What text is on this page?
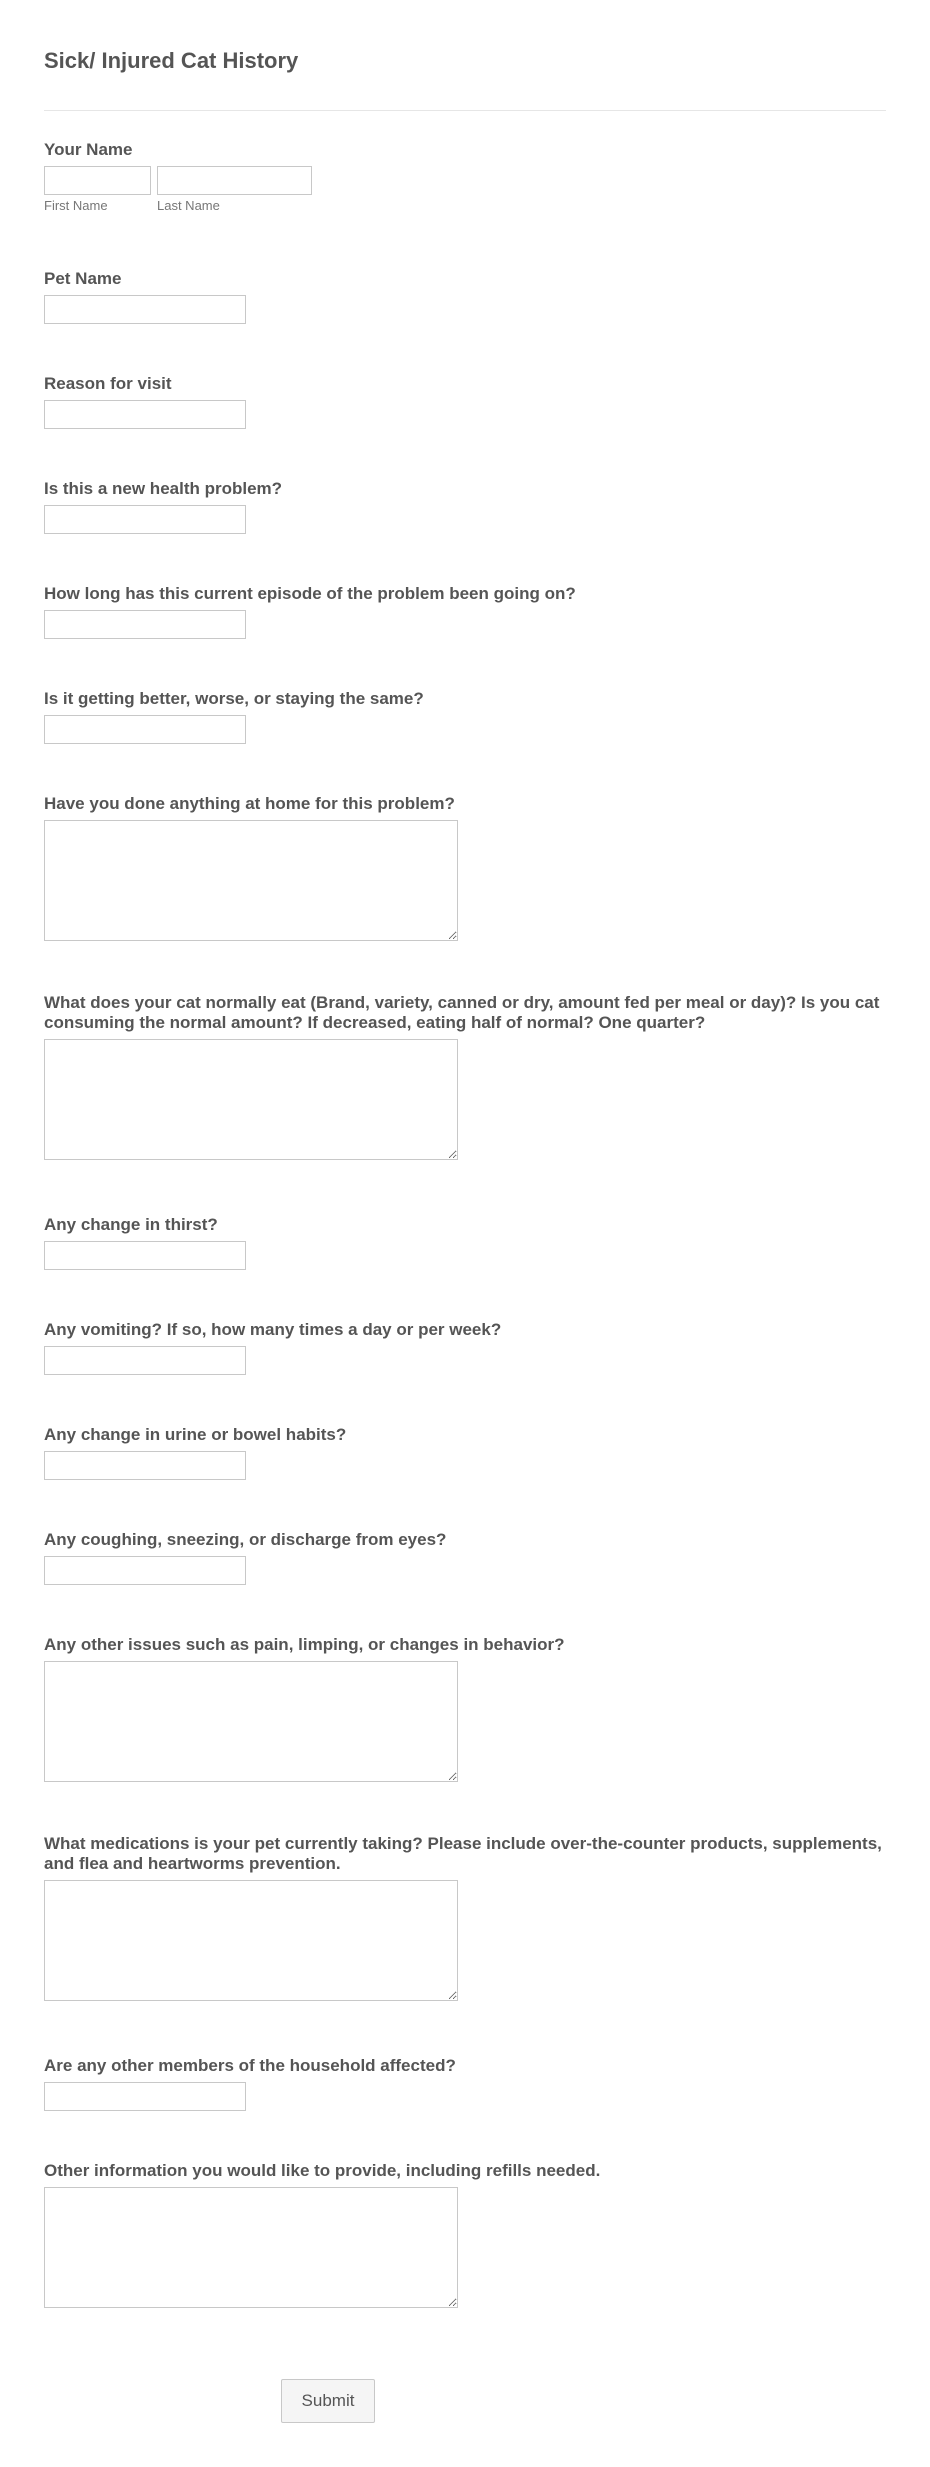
Sick/ Injured Cat History
Your Name
First Name	Last Name
Pet Name
Reason for visit
Is this a new health problem?
How long has this current episode of the problem been going on?
Is it getting better, worse, or staying the same?
Have you done anything at home for this problem?
What does your cat normally eat (Brand, variety, canned or dry, amount fed per meal or day)? Is you cat consuming the normal amount? If decreased, eating half of normal? One quarter?
Any change in thirst?
Any vomiting? If so, how many times a day or per week?
Any change in urine or bowel habits?
Any coughing, sneezing, or discharge from eyes?
Any other issues such as pain, limping, or changes in behavior?
What medications is your pet currently taking? Please include over-the-counter products, supplements, and flea and heartworms prevention.
Are any other members of the household affected?
Other information you would like to provide, including refills needed.
Submit
